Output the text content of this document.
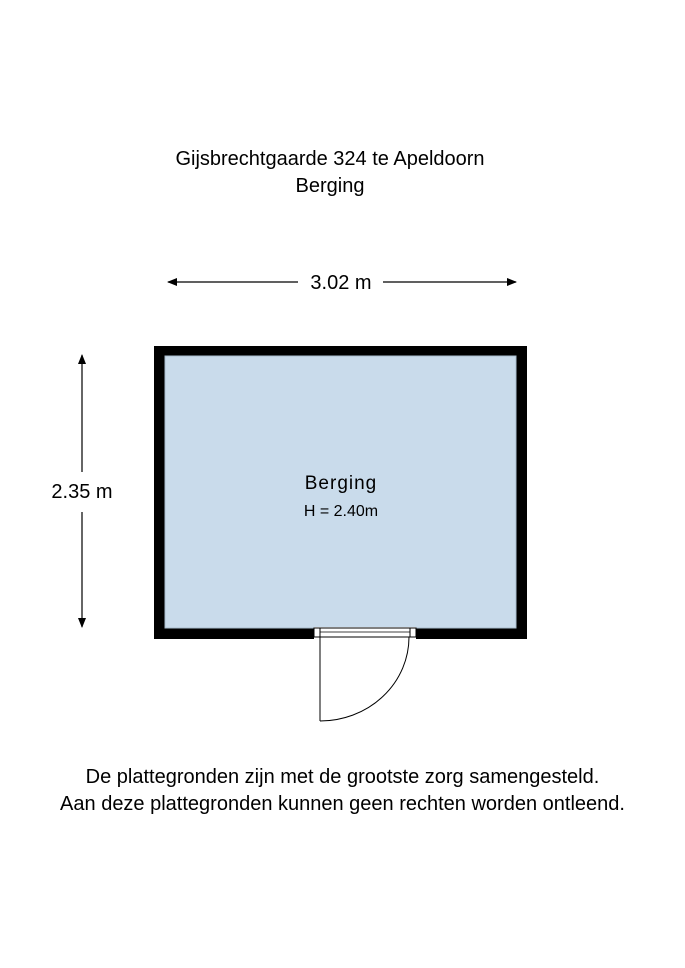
Gijsbrechtgaarde 324 te Apeldoorn
Berging
3.02 m
2.35 m	Berging
H = 2.40m
De plattegronden zijn met de grootste zorg samengesteld.
Aan deze plattegronden kunnen geen rechten worden ontleend.
